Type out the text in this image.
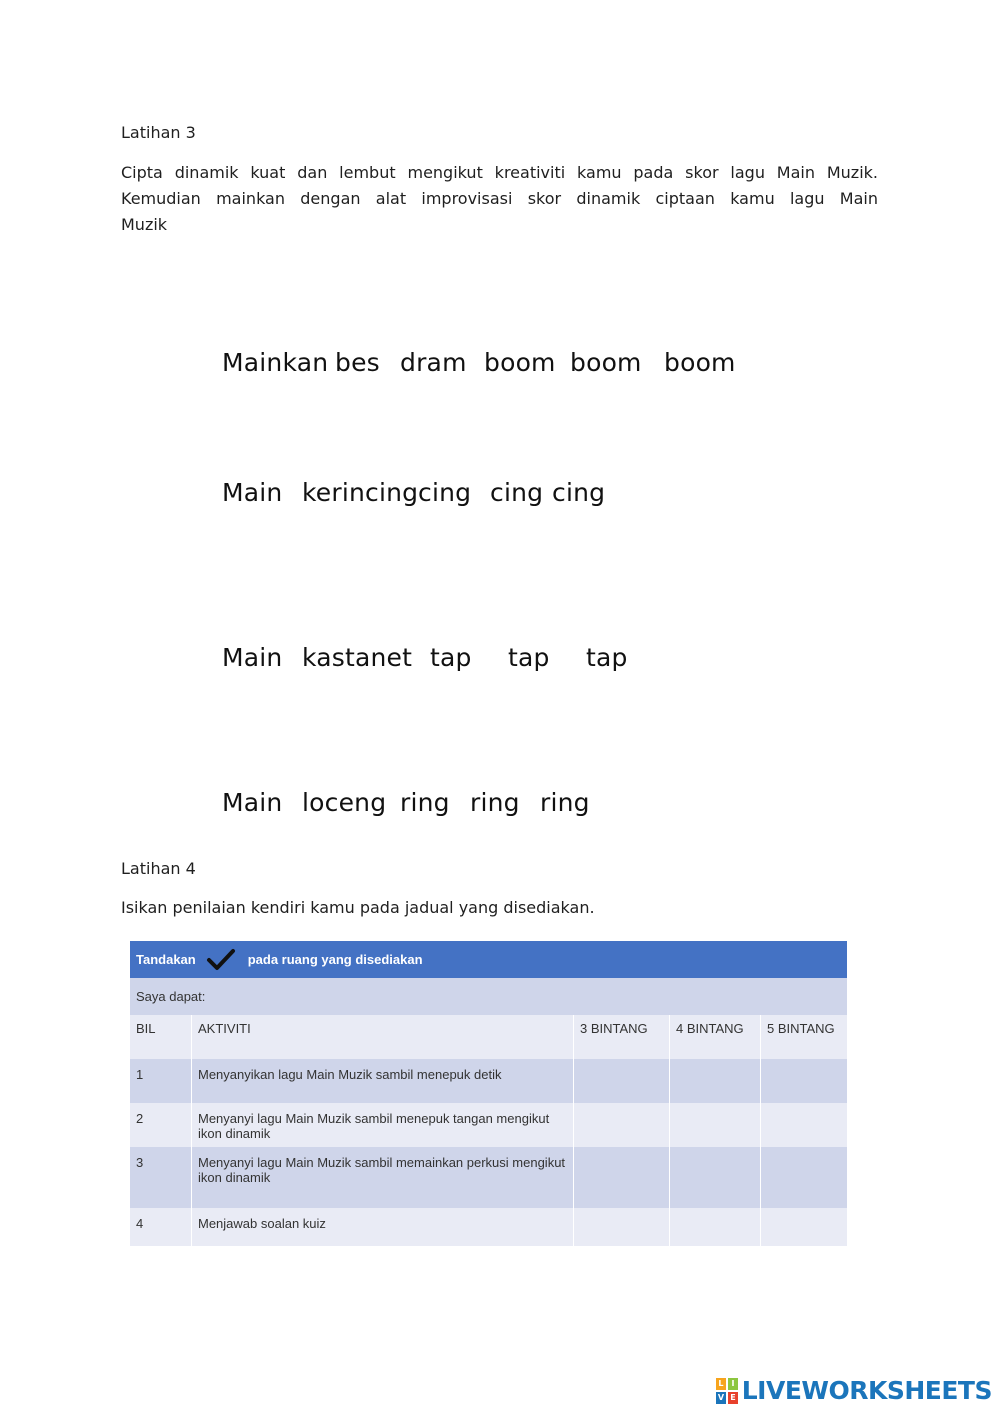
Latihan 3
Cipta dinamik kuat dan lembut mengikut kreativiti kamu pada skor lagu Main Muzik.
Kemudian mainkan dengan alat improvisasi skor dinamik ciptaan kamu lagu Main
Muzik
Mainkan bes dram boom boom boom
Main kerincing cing cing cing
Main kastanet tap tap tap
Main loceng ring ring ring
Latihan 4
Isikan penilaian kendiri kamu pada jadual yang disediakan.
Tandakan	pada ruang yang disediakan
Saya dapat:
BIL	AKTIVITI	3 BINTANG	4 BINTANG	5 BINTANG
1	Menyanyikan lagu Main Muzik sambil menepuk detik
2	Menyanyi lagu Main Muzik sambil menepuk tangan mengikut ikon dinamik
3	Menyanyi lagu Main Muzik sambil memainkan perkusi mengikut ikon dinamik
4	Menjawab soalan kuiz
L	I
V E LIVEWORKSHEETS
